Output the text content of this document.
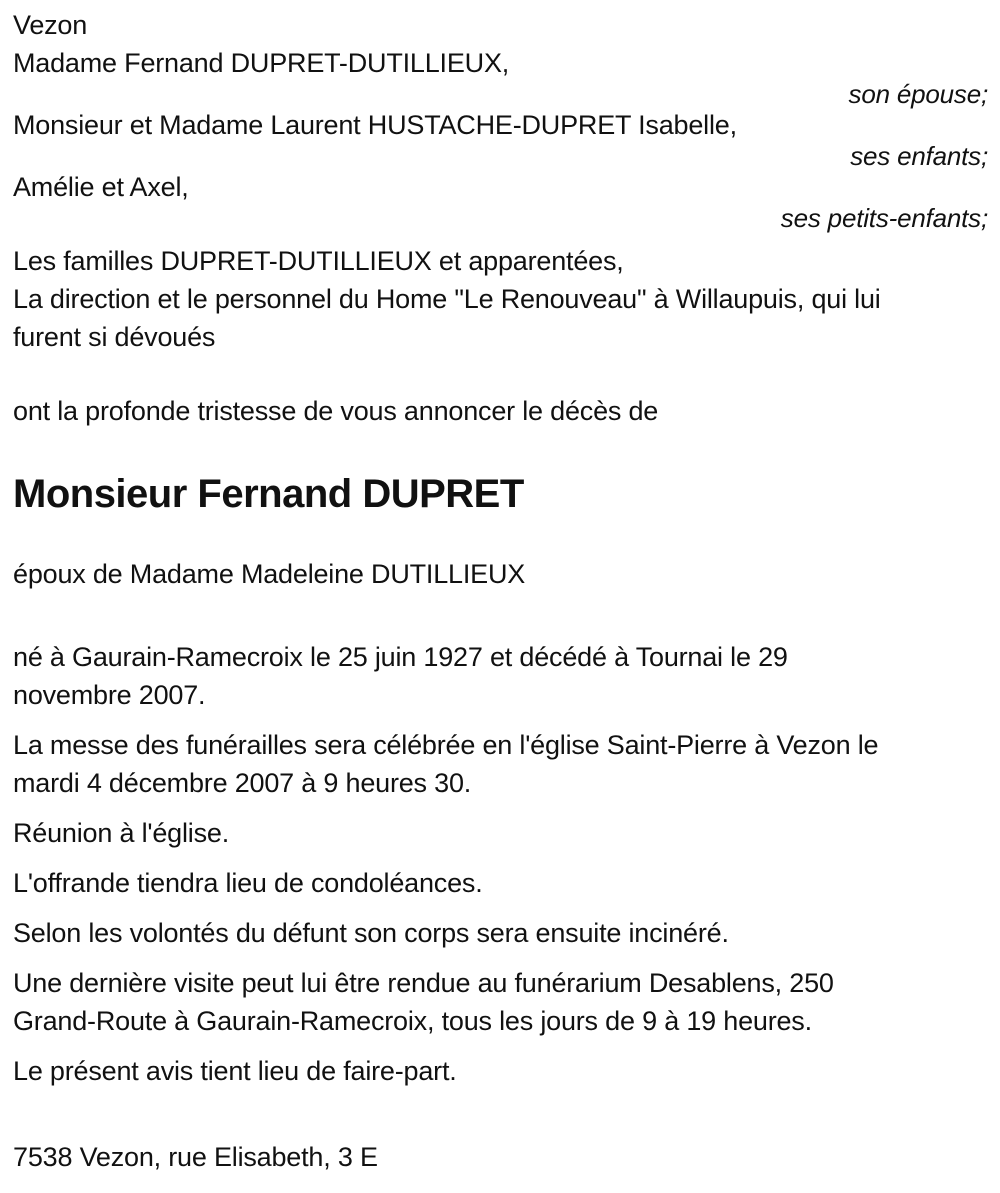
Vezon
Madame Fernand DUPRET-DUTILLIEUX,
son épouse;
Monsieur et Madame Laurent HUSTACHE-DUPRET Isabelle,
ses enfants;
Amélie et Axel,
ses petits-enfants;
Les familles DUPRET-DUTILLIEUX et apparentées,
La direction et le personnel du Home "Le Renouveau" à Willaupuis, qui lui
furent si dévoués
ont la profonde tristesse de vous annoncer le décès de
Monsieur Fernand DUPRET
époux de Madame Madeleine DUTILLIEUX
né à Gaurain-Ramecroix le 25 juin 1927 et décédé à Tournai le 29
novembre 2007.
La messe des funérailles sera célébrée en l'église Saint-Pierre à Vezon le
mardi 4 décembre 2007 à 9 heures 30.
Réunion à l'église.
L'offrande tiendra lieu de condoléances.
Selon les volontés du défunt son corps sera ensuite incinéré.
Une dernière visite peut lui être rendue au funérarium Desablens, 250
Grand-Route à Gaurain-Ramecroix, tous les jours de 9 à 19 heures.
Le présent avis tient lieu de faire-part.
7538 Vezon, rue Elisabeth, 3 E
